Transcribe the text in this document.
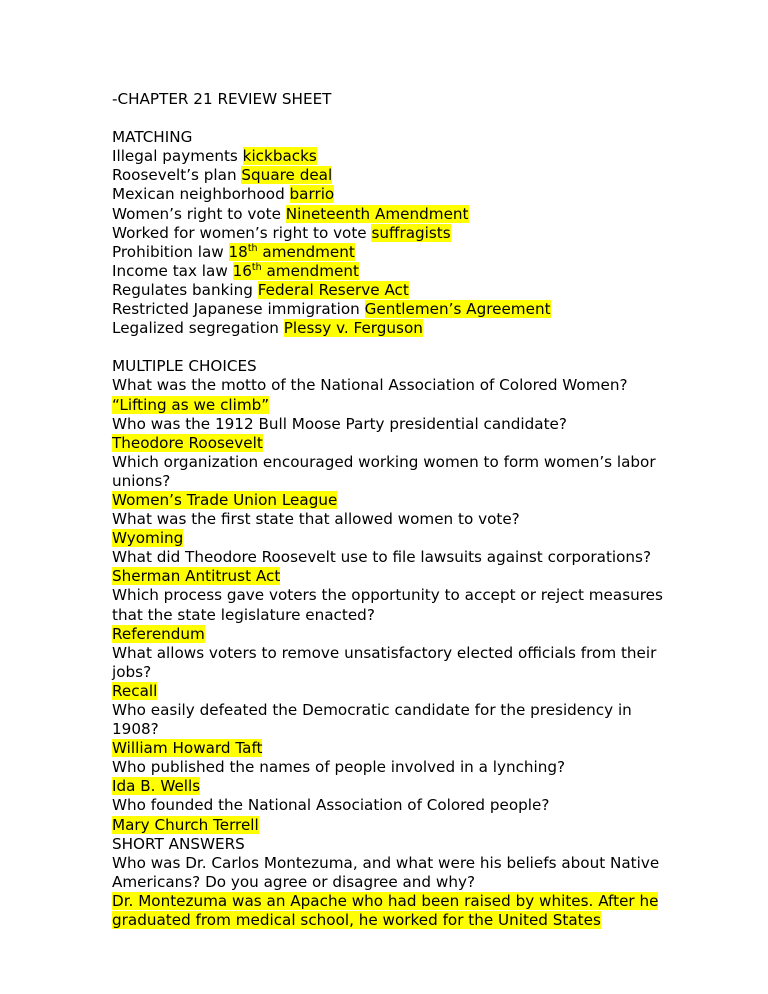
-CHAPTER 21 REVIEW SHEET
MATCHING
Illegal payments kickbacks
Roosevelt’s plan Square deal
Mexican neighborhood barrio
Women’s right to vote Nineteenth Amendment
Worked for women’s right to vote suffragists
Prohibition law 18th amendment
Income tax law 16th amendment
Regulates banking Federal Reserve Act
Restricted Japanese immigration Gentlemen’s Agreement
Legalized segregation Plessy v. Ferguson
MULTIPLE CHOICES
What was the motto of the National Association of Colored Women?
“Lifting as we climb”
Who was the 1912 Bull Moose Party presidential candidate?
Theodore Roosevelt
Which organization encouraged working women to form women’s labor unions?
Women’s Trade Union League
What was the first state that allowed women to vote?
Wyoming
What did Theodore Roosevelt use to file lawsuits against corporations?
Sherman Antitrust Act
Which process gave voters the opportunity to accept or reject measures that the state legislature enacted?
Referendum
What allows voters to remove unsatisfactory elected officials from their jobs?
Recall
Who easily defeated the Democratic candidate for the presidency in 1908?
William Howard Taft
Who published the names of people involved in a lynching?
Ida B. Wells
Who founded the National Association of Colored people?
Mary Church Terrell
SHORT ANSWERS
Who was Dr. Carlos Montezuma, and what were his beliefs about Native Americans? Do you agree or disagree and why?
Dr. Montezuma was an Apache who had been raised by whites. After he graduated from medical school, he worked for the United States
